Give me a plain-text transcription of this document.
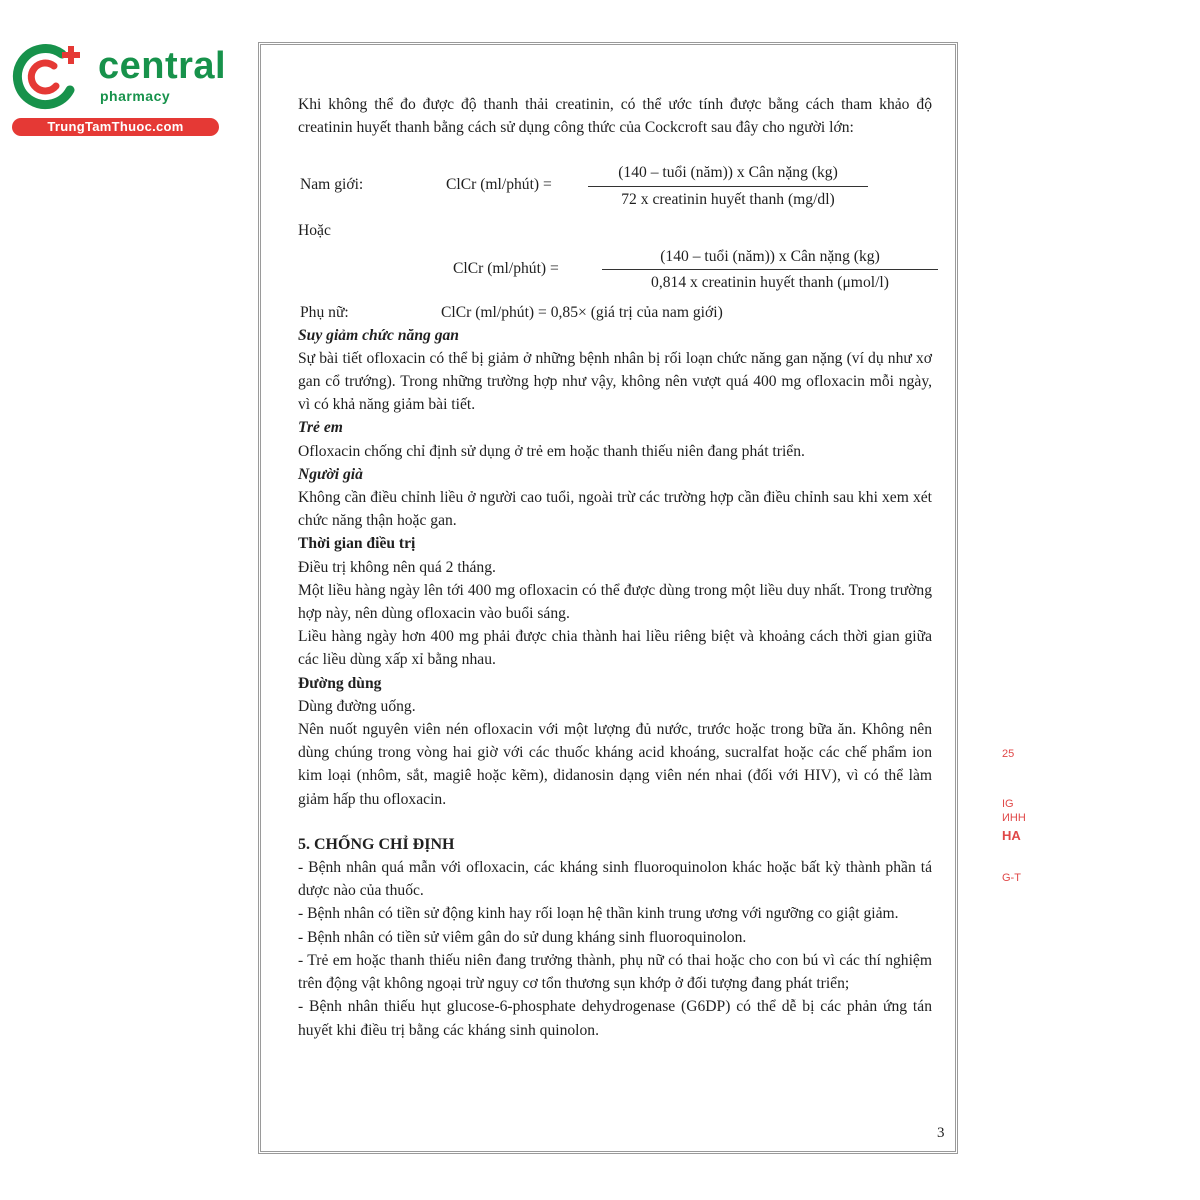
central
pharmacy
TrungTamThuoc.com

Khi không thể đo được độ thanh thải creatinin, có thể ước tính được bằng cách tham khảo độ creatinin huyết thanh bằng cách sử dụng công thức của Cockcroft sau đây cho người lớn:

Nam giới:	ClCr (ml/phút) =
(140 – tuổi (năm)) x Cân nặng (kg)
72 x creatinin huyết thanh (mg/dl)

Hoặc

ClCr (ml/phút) =
(140 – tuổi (năm)) x Cân nặng (kg)
0,814 x creatinin huyết thanh (μmol/l)
Phụ nữ:	ClCr (ml/phút) = 0,85× (giá trị của nam giới)

Suy giảm chức năng gan

Sự bài tiết ofloxacin có thể bị giảm ở những bệnh nhân bị rối loạn chức năng gan nặng (ví dụ như xơ gan cổ trướng). Trong những trường hợp như vậy, không nên vượt quá 400 mg ofloxacin mỗi ngày, vì có khả năng giảm bài tiết.

Trẻ em

Ofloxacin chống chỉ định sử dụng ở trẻ em hoặc thanh thiếu niên đang phát triển.

Người già

Không cần điều chỉnh liều ở người cao tuổi, ngoài trừ các trường hợp cần điều chỉnh sau khi xem xét chức năng thận hoặc gan.

Thời gian điều trị

Điều trị không nên quá 2 tháng.

Một liều hàng ngày lên tới 400 mg ofloxacin có thể được dùng trong một liều duy nhất. Trong trường hợp này, nên dùng ofloxacin vào buổi sáng.

Liều hàng ngày hơn 400 mg phải được chia thành hai liều riêng biệt và khoảng cách thời gian giữa các liều dùng xấp xỉ bằng nhau.

Đường dùng

Dùng đường uống.

Nên nuốt nguyên viên nén ofloxacin với một lượng đủ nước, trước hoặc trong bữa ăn. Không nên dùng chúng trong vòng hai giờ với các thuốc kháng acid khoáng, sucralfat hoặc các chế phẩm ion kim loại (nhôm, sắt, magiê hoặc kẽm), didanosin dạng viên nén nhai (đối với HIV), vì có thể làm giảm hấp thu ofloxacin.

5. CHỐNG CHỈ ĐỊNH

- Bệnh nhân quá mẫn với ofloxacin, các kháng sinh fluoroquinolon khác hoặc bất kỳ thành phần tá dược nào của thuốc.

- Bệnh nhân có tiền sử động kinh hay rối loạn hệ thần kinh trung ương với ngưỡng co giật giảm.

- Bệnh nhân có tiền sử viêm gân do sử dung kháng sinh fluoroquinolon.

- Trẻ em hoặc thanh thiếu niên đang trưởng thành, phụ nữ có thai hoặc cho con bú vì các thí nghiệm trên động vật không ngoại trừ nguy cơ tổn thương sụn khớp ở đối tượng đang phát triển;

- Bệnh nhân thiếu hụt glucose-6-phosphate dehydrogenase (G6DP) có thể dễ bị các phản ứng tán huyết khi điều trị bằng các kháng sinh quinolon.

3
25
IG
ИНН
HA
G-T
